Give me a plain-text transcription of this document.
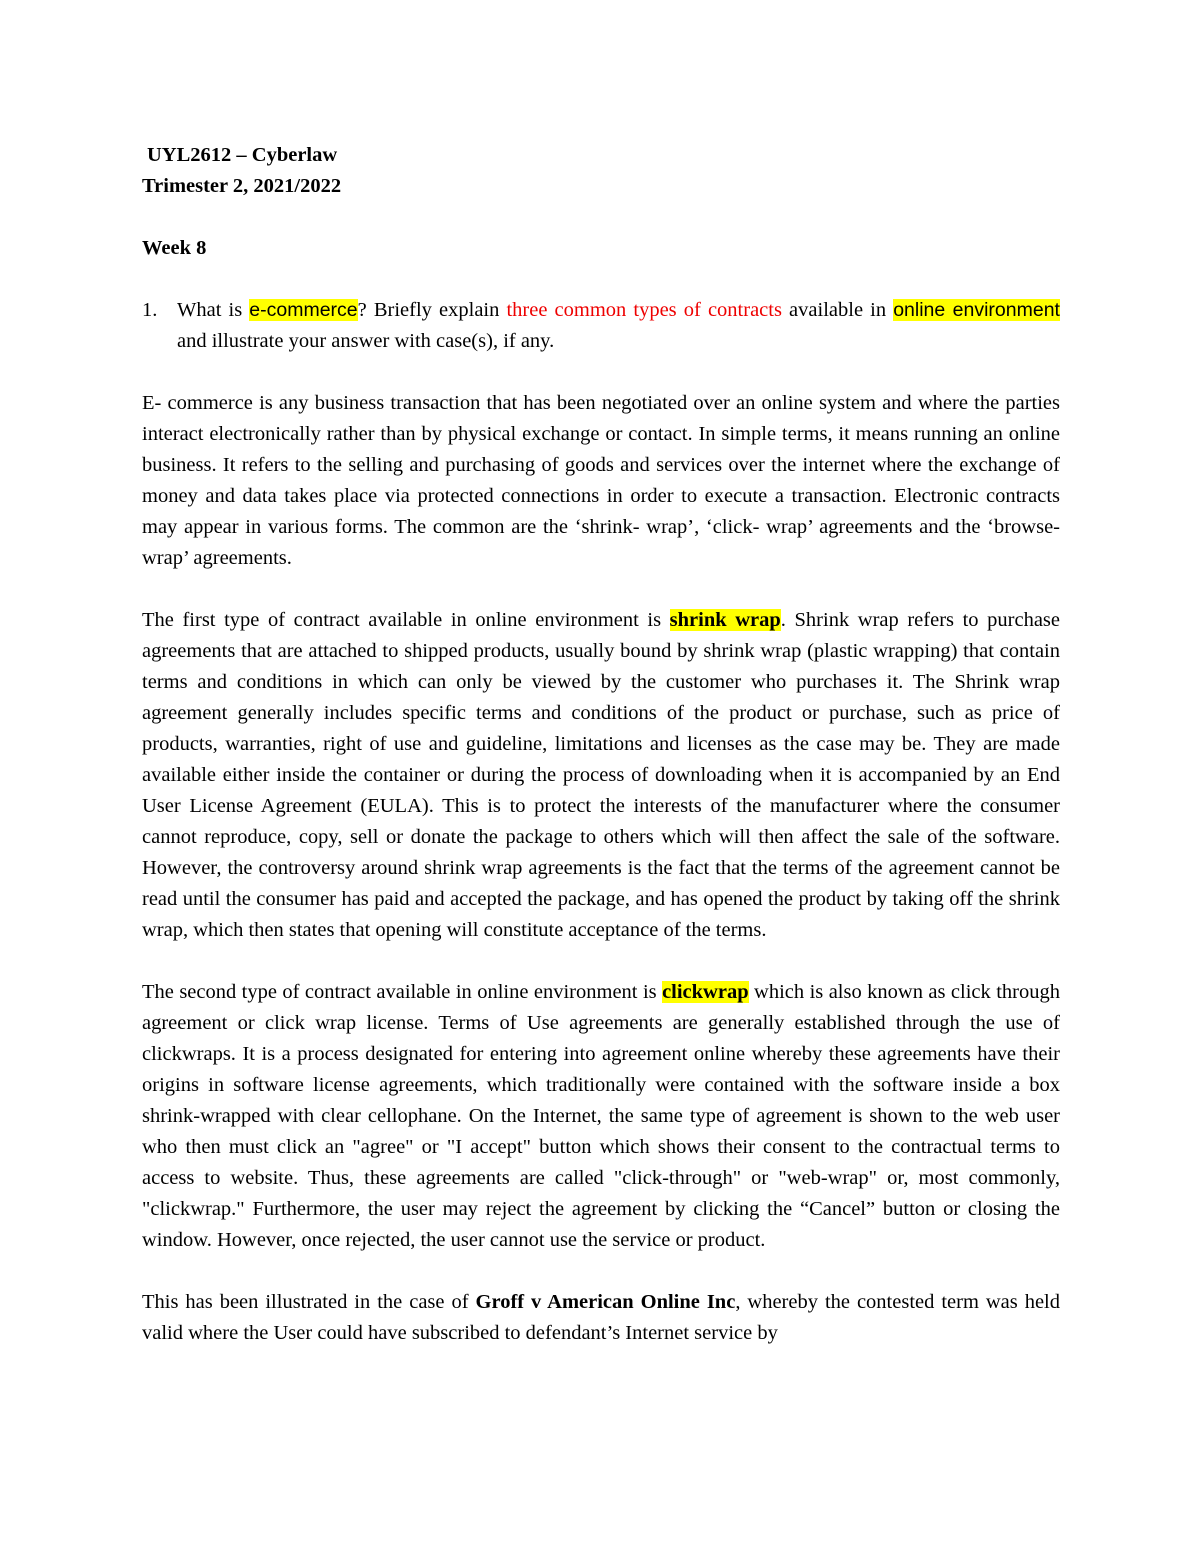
UYL2612 – Cyberlaw
Trimester 2, 2021/2022
Week 8
1. What is e-commerce? Briefly explain three common types of contracts available in online environment and illustrate your answer with case(s), if any.

E- commerce is any business transaction that has been negotiated over an online system and where the parties interact electronically rather than by physical exchange or contact. In simple terms, it means running an online business. It refers to the selling and purchasing of goods and services over the internet where the exchange of money and data takes place via protected connections in order to execute a transaction. Electronic contracts may appear in various forms. The common are the ‘shrink- wrap’, ‘click- wrap’ agreements and the ‘browse-wrap’ agreements.

The first type of contract available in online environment is shrink wrap. Shrink wrap refers to purchase agreements that are attached to shipped products, usually bound by shrink wrap (plastic wrapping) that contain terms and conditions in which can only be viewed by the customer who purchases it. The Shrink wrap agreement generally includes specific terms and conditions of the product or purchase, such as price of products, warranties, right of use and guideline, limitations and licenses as the case may be. They are made available either inside the container or during the process of downloading when it is accompanied by an End User License Agreement (EULA). This is to protect the interests of the manufacturer where the consumer cannot reproduce, copy, sell or donate the package to others which will then affect the sale of the software. However, the controversy around shrink wrap agreements is the fact that the terms of the agreement cannot be read until the consumer has paid and accepted the package, and has opened the product by taking off the shrink wrap, which then states that opening will constitute acceptance of the terms.

The second type of contract available in online environment is clickwrap which is also known as click through agreement or click wrap license. Terms of Use agreements are generally established through the use of clickwraps. It is a process designated for entering into agreement online whereby these agreements have their origins in software license agreements, which traditionally were contained with the software inside a box shrink-wrapped with clear cellophane. On the Internet, the same type of agreement is shown to the web user who then must click an "agree" or "I accept" button which shows their consent to the contractual terms to access to website. Thus, these agreements are called "click-through" or "web-wrap" or, most commonly, "clickwrap." Furthermore, the user may reject the agreement by clicking the “Cancel” button or closing the window. However, once rejected, the user cannot use the service or product.

This has been illustrated in the case of Groff v American Online Inc, whereby the contested term was held valid where the User could have subscribed to defendant’s Internet service by
